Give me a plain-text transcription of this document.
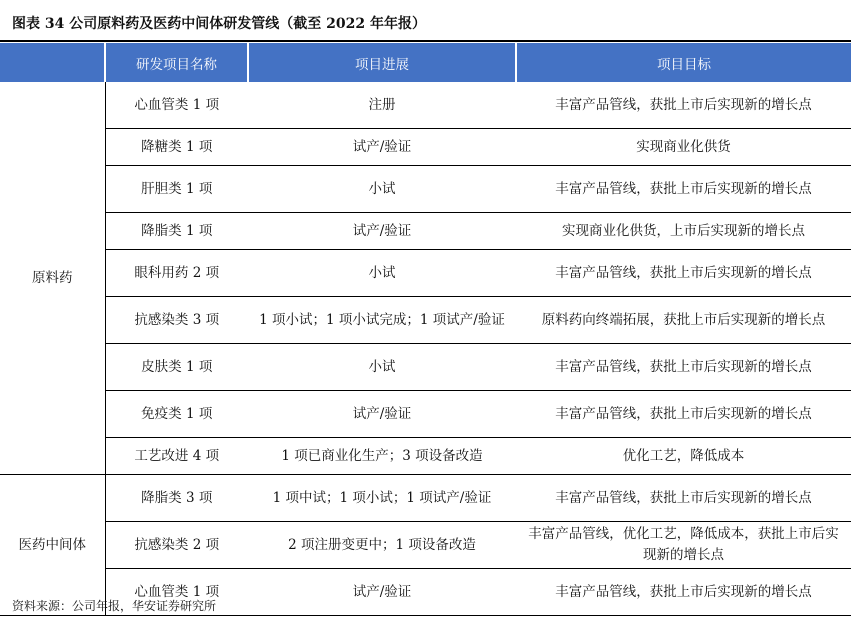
图表 34 公司原料药及医药中间体研发管线（截至 2022 年年报）
	研发项目名称	项目进展	项目目标
原料药	心血管类 1 项	注册	丰富产品管线，获批上市后实现新的增长点
	降糖类 1 项	试产/验证	实现商业化供货
	肝胆类 1 项	小试	丰富产品管线，获批上市后实现新的增长点
	降脂类 1 项	试产/验证	实现商业化供货，上市后实现新的增长点
	眼科用药 2 项	小试	丰富产品管线，获批上市后实现新的增长点
	抗感染类 3 项	1 项小试；1 项小试完成；1 项试产/验证	原料药向终端拓展，获批上市后实现新的增长点
	皮肤类 1 项	小试	丰富产品管线，获批上市后实现新的增长点
	免疫类 1 项	试产/验证	丰富产品管线，获批上市后实现新的增长点
	工艺改进 4 项	1 项已商业化生产；3 项设备改造	优化工艺，降低成本
医药中间体	降脂类 3 项	1 项中试；1 项小试；1 项试产/验证	丰富产品管线，获批上市后实现新的增长点
	抗感染类 2 项	2 项注册变更中；1 项设备改造	丰富产品管线，优化工艺，降低成本，获批上市后实现新的增长点
	心血管类 1 项	试产/验证	丰富产品管线，获批上市后实现新的增长点
资料来源：公司年报，华安证券研究所
